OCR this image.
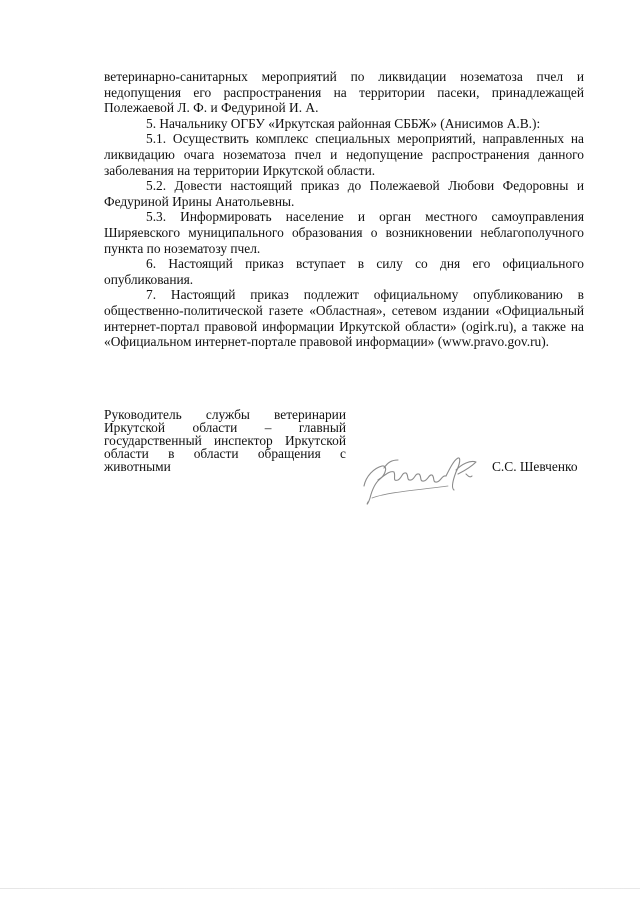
ветеринарно-санитарных мероприятий по ликвидации нозематоза пчел и недопущения его распространения на территории пасеки, принадлежащей Полежаевой Л. Ф. и Федуриной И. А.

5. Начальнику ОГБУ «Иркутская районная СББЖ» (Анисимов А.В.):

5.1. Осуществить комплекс специальных мероприятий, направленных на ликвидацию очага нозематоза пчел и недопущение распространения данного заболевания на территории Иркутской области.

5.2. Довести настоящий приказ до Полежаевой Любови Федоровны и Федуриной Ирины Анатольевны.

5.3. Информировать население и орган местного самоуправления Ширяевского муниципального образования о возникновении неблагополучного пункта по нозематозу пчел.

6. Настоящий приказ вступает в силу со дня его официального опубликования.

7. Настоящий приказ подлежит официальному опубликованию в общественно-политической газете «Областная», сетевом издании «Официальный интернет-портал правовой информации Иркутской области» (ogirk.ru), а также на «Официальном интернет-портале правовой информации» (www.pravo.gov.ru).

Руководитель службы ветеринарии Иркутской области – главный государственный инспектор Иркутской области в области обращения с животными	С.С. Шевченко
